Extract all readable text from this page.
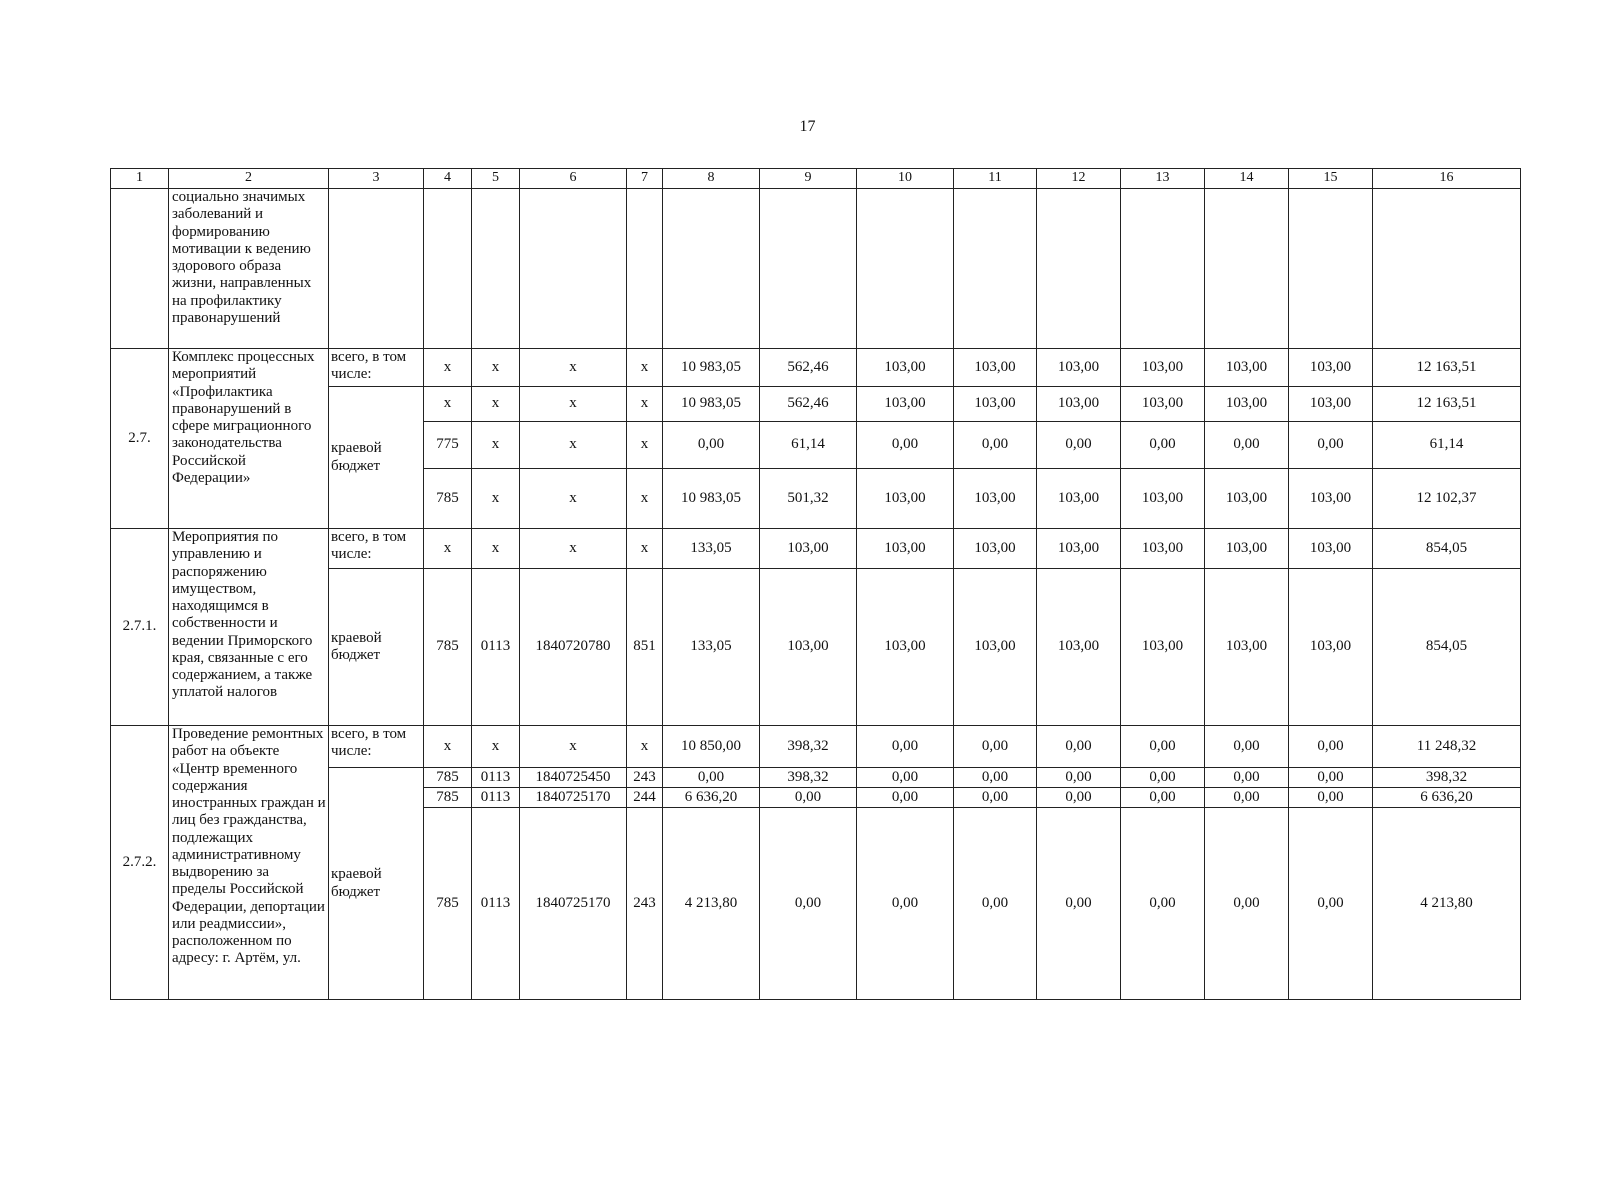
17
1	2	3	4	5	6	7	8	9	10	11	12	13	14	15	16
	социально значимых заболеваний и формированию мотивации к ведению здорового образа жизни, направленных на профилактику правонарушений														
2.7.	Комплекс процессных мероприятий «Профилактика правонарушений в сфере миграционного законодательства Российской Федерации»	всего, в том числе:	х	х	х	х	10 983,05	562,46	103,00	103,00	103,00	103,00	103,00	103,00	12 163,51
		краевой бюджет	х	х	х	х	10 983,05	562,46	103,00	103,00	103,00	103,00	103,00	103,00	12 163,51
			775	х	х	х	0,00	61,14	0,00	0,00	0,00	0,00	0,00	0,00	61,14
			785	х	х	х	10 983,05	501,32	103,00	103,00	103,00	103,00	103,00	103,00	12 102,37
2.7.1.	Мероприятия по управлению и распоряжению имуществом, находящимся в собственности и ведении Приморского края, связанные с его содержанием, а также уплатой налогов	всего, в том числе:	х	х	х	х	133,05	103,00	103,00	103,00	103,00	103,00	103,00	103,00	854,05
		краевой бюджет	785	0113	1840720780	851	133,05	103,00	103,00	103,00	103,00	103,00	103,00	103,00	854,05
2.7.2.	Проведение ремонтных работ на объекте «Центр временного содержания иностранных граждан и лиц без гражданства, подлежащих административному выдворению за пределы Российской Федерации, депортации или реадмиссии», расположенном по адресу: г. Артём, ул.	всего, в том числе:	х	х	х	х	10 850,00	398,32	0,00	0,00	0,00	0,00	0,00	0,00	11 248,32
		краевой бюджет	785	0113	1840725450	243	0,00	398,32	0,00	0,00	0,00	0,00	0,00	0,00	398,32
			785	0113	1840725170	244	6 636,20	0,00	0,00	0,00	0,00	0,00	0,00	0,00	6 636,20
			785	0113	1840725170	243	4 213,80	0,00	0,00	0,00	0,00	0,00	0,00	0,00	4 213,80
